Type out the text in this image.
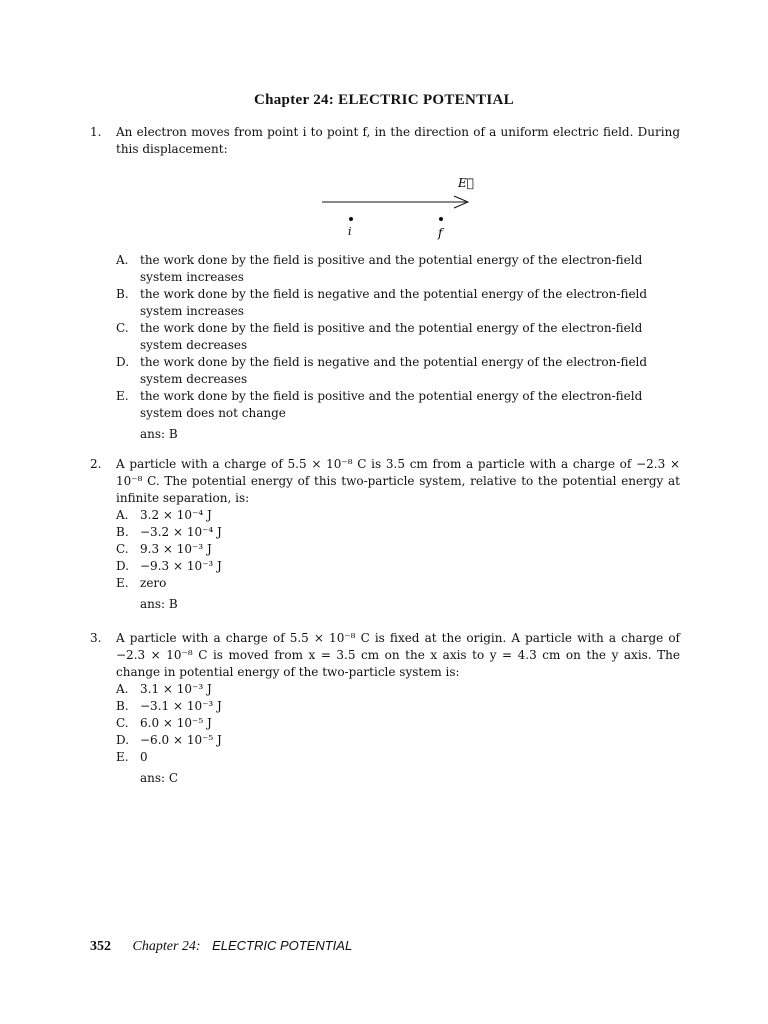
Chapter 24: ELECTRIC POTENTIAL
1. An electron moves from point i to point f, in the direction of a uniform electric field. During this displacement:
E⃗
i	f
A. the work done by the field is positive and the potential energy of the electron-field system increases
B. the work done by the field is negative and the potential energy of the electron-field system increases
C. the work done by the field is positive and the potential energy of the electron-field system decreases
D. the work done by the field is negative and the potential energy of the electron-field system decreases
E. the work done by the field is positive and the potential energy of the electron-field system does not change
ans: B
2. A particle with a charge of 5.5 × 10⁻⁸ C is 3.5 cm from a particle with a charge of −2.3 × 10⁻⁸ C. The potential energy of this two-particle system, relative to the potential energy at infinite separation, is:
A. 3.2 × 10⁻⁴ J
B. −3.2 × 10⁻⁴ J
C. 9.3 × 10⁻³ J
D. −9.3 × 10⁻³ J
E. zero
ans: B
3. A particle with a charge of 5.5 × 10⁻⁸ C is fixed at the origin. A particle with a charge of −2.3 × 10⁻⁸ C is moved from x = 3.5 cm on the x axis to y = 4.3 cm on the y axis. The change in potential energy of the two-particle system is:
A. 3.1 × 10⁻³ J
B. −3.1 × 10⁻³ J
C. 6.0 × 10⁻⁵ J
D. −6.0 × 10⁻⁵ J
E. 0
ans: C
352 Chapter 24: ELECTRIC POTENTIAL
